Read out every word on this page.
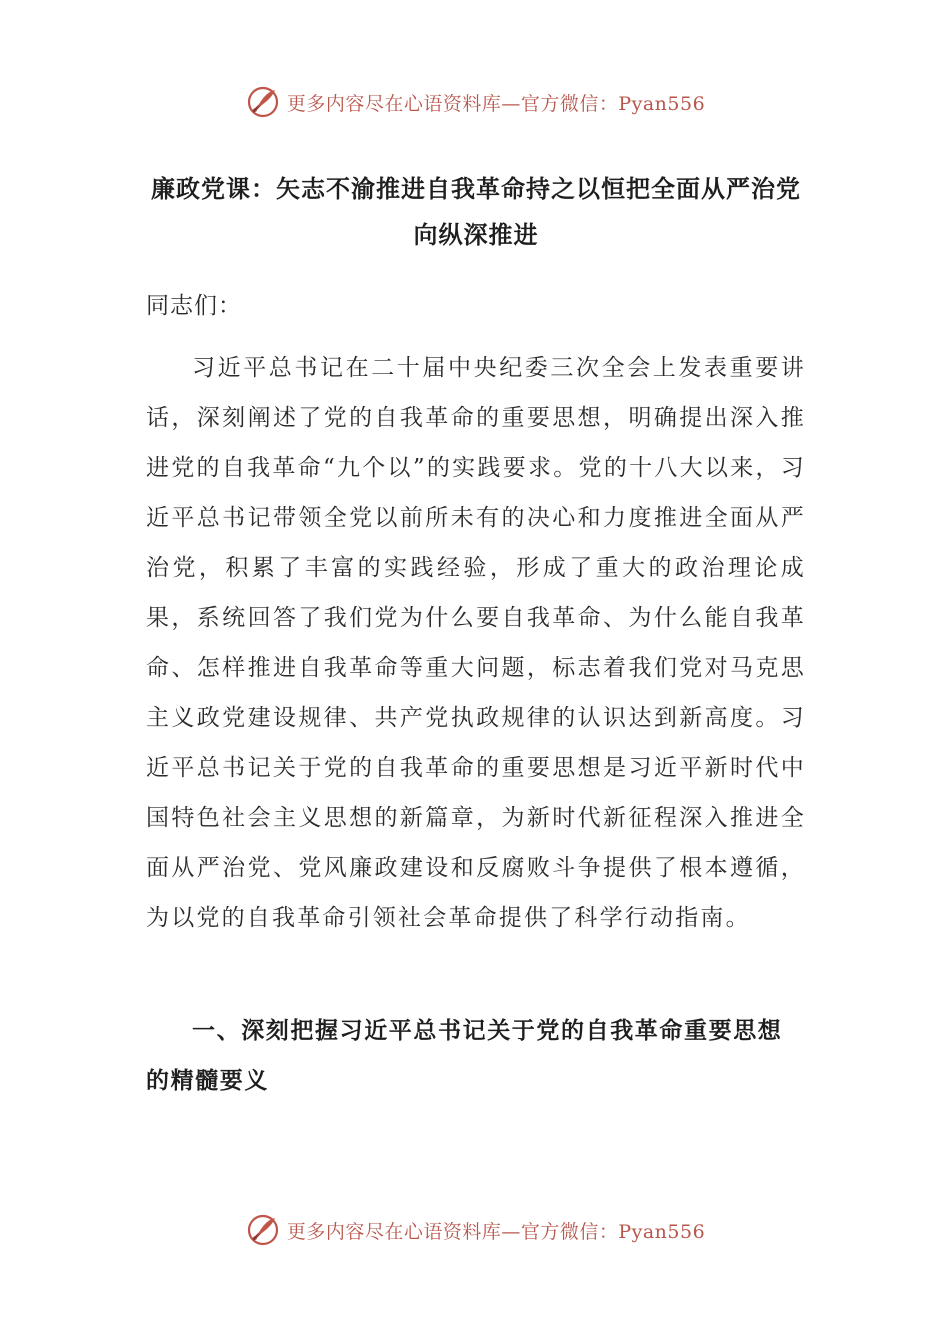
更多内容尽在心语资料库—官方微信：Pyan556
廉政党课：矢志不渝推进自我革命持之以恒把全面从严治党向纵深推进
同志们：
习近平总书记在二十届中央纪委三次全会上发表重要讲话，深刻阐述了党的自我革命的重要思想，明确提出深入推进党的自我革命“九个以”的实践要求。党的十八大以来，习近平总书记带领全党以前所未有的决心和力度推进全面从严治党，积累了丰富的实践经验，形成了重大的政治理论成果，系统回答了我们党为什么要自我革命、为什么能自我革命、怎样推进自我革命等重大问题，标志着我们党对马克思主义政党建设规律、共产党执政规律的认识达到新高度。习近平总书记关于党的自我革命的重要思想是习近平新时代中国特色社会主义思想的新篇章，为新时代新征程深入推进全面从严治党、党风廉政建设和反腐败斗争提供了根本遵循，为以党的自我革命引领社会革命提供了科学行动指南。
一、深刻把握习近平总书记关于党的自我革命重要思想的精髓要义
更多内容尽在心语资料库—官方微信：Pyan556
